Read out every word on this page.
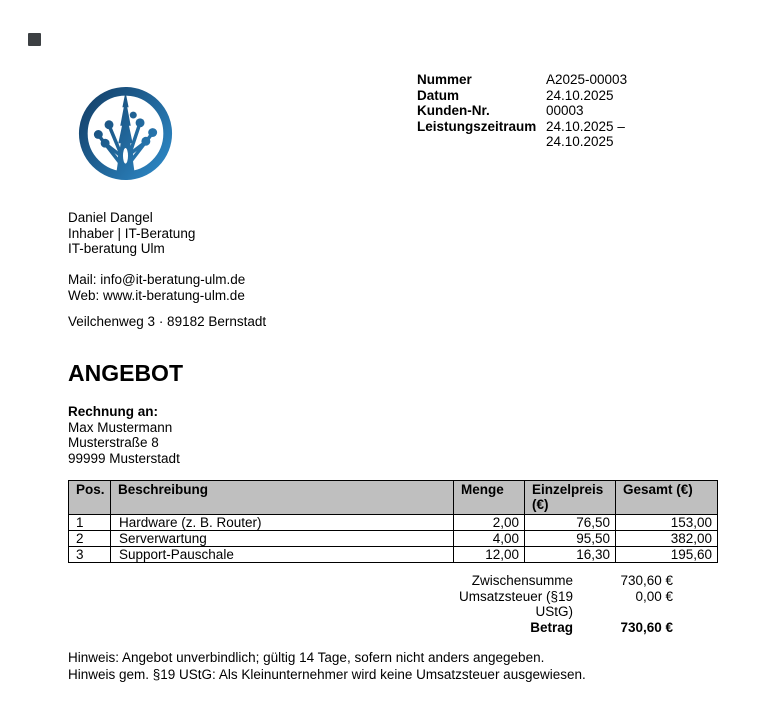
Nummer	A2025-00003
Datum	24.10.2025
Kunden-Nr.	00003
Leistungszeitraum 24.10.2025 – 24.10.2025
Daniel Dangel
Inhaber | IT-Beratung
IT-beratung Ulm
Mail: info@it-beratung-ulm.de
Web: www.it-beratung-ulm.de
Veilchenweg 3 · 89182 Bernstadt
ANGEBOT
Rechnung an:
Max Mustermann
Musterstraße 8
99999 Musterstadt
Pos.	Beschreibung	Menge	Einzelpreis (€)	Gesamt (€)
1	Hardware (z. B. Router)	2,00	76,50	153,00
2	Serverwartung	4,00	95,50	382,00
3	Support-Pauschale	12,00	16,30	195,60
Zwischensumme	730,60 €
Umsatzsteuer (§19 UStG)	0,00 €
Betrag	730,60 €
Hinweis: Angebot unverbindlich; gültig 14 Tage, sofern nicht anders angegeben.
Hinweis gem. §19 UStG: Als Kleinunternehmer wird keine Umsatzsteuer ausgewiesen.
